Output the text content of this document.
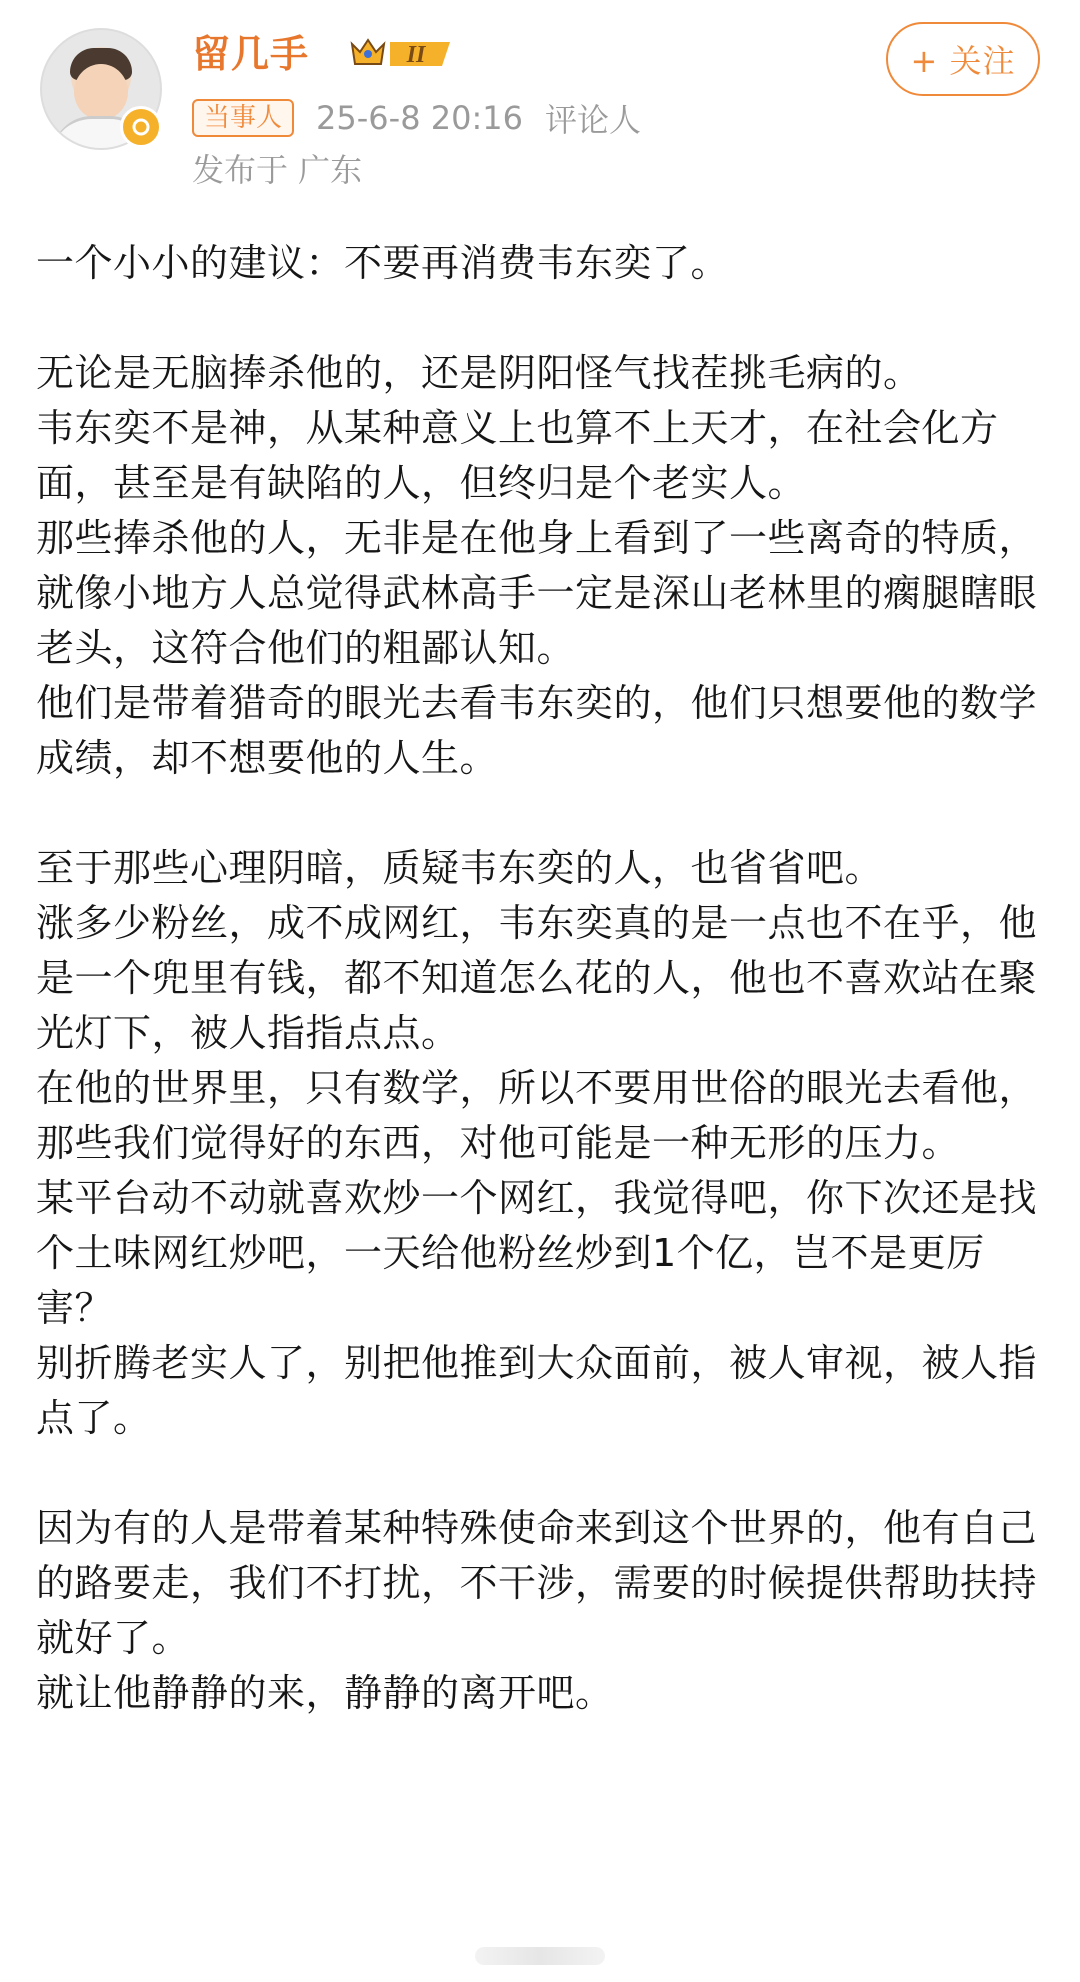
留几手	II
当事人	25-6-8 20:16 评论人
发布于 广东
+ 关注

一个小小的建议：不要再消费韦东奕了。

无论是无脑捧杀他的，还是阴阳怪气找茬挑毛病的。

韦东奕不是神，从某种意义上也算不上天才，在社会化方面，甚至是有缺陷的人，但终归是个老实人。

那些捧杀他的人，无非是在他身上看到了一些离奇的特质，就像小地方人总觉得武林高手一定是深山老林里的瘸腿瞎眼老头，这符合他们的粗鄙认知。

他们是带着猎奇的眼光去看韦东奕的，他们只想要他的数学成绩，却不想要他的人生。

至于那些心理阴暗，质疑韦东奕的人，也省省吧。

涨多少粉丝，成不成网红，韦东奕真的是一点也不在乎，他是一个兜里有钱，都不知道怎么花的人，他也不喜欢站在聚光灯下，被人指指点点。

在他的世界里，只有数学，所以不要用世俗的眼光去看他，那些我们觉得好的东西，对他可能是一种无形的压力。

某平台动不动就喜欢炒一个网红，我觉得吧，你下次还是找个土味网红炒吧，一天给他粉丝炒到1个亿，岂不是更厉害？

别折腾老实人了，别把他推到大众面前，被人审视，被人指点了。

因为有的人是带着某种特殊使命来到这个世界的，他有自己的路要走，我们不打扰，不干涉，需要的时候提供帮助扶持就好了。

就让他静静的来，静静的离开吧。
